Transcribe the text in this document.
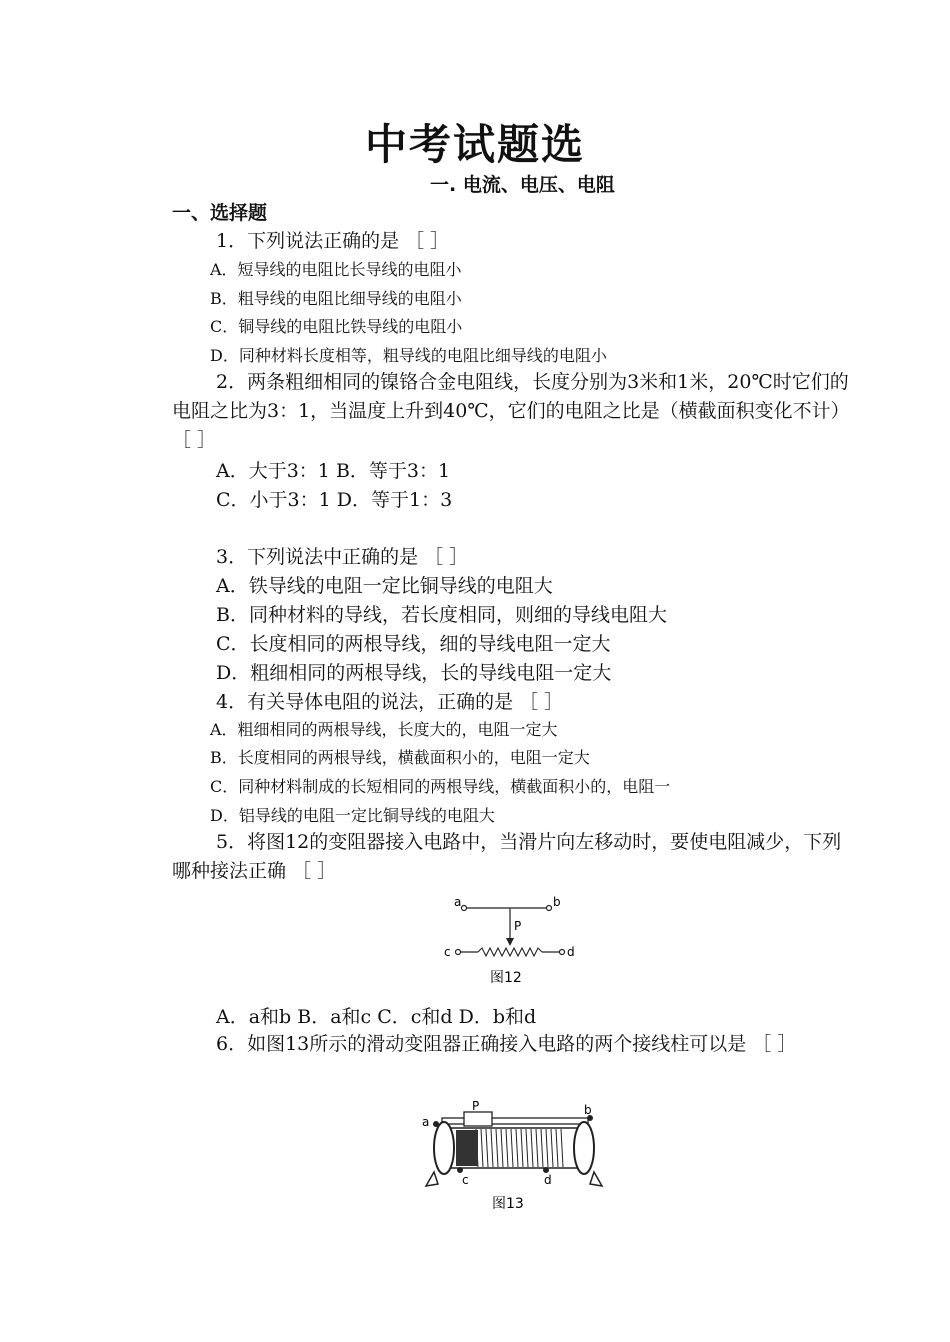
中考试题选
一. 电流、电压、电阻
一、选择题
1．下列说法正确的是 ［ ］
A．短导线的电阻比长导线的电阻小
B．粗导线的电阻比细导线的电阻小
C．铜导线的电阻比铁导线的电阻小
D．同种材料长度相等，粗导线的电阻比细导线的电阻小
2．两条粗细相同的镍铬合金电阻线，长度分别为3米和1米，20℃时它们的电阻之比为3：1，当温度上升到40℃，它们的电阻之比是（横截面积变化不计） ［ ］
A．大于3：1 B．等于3：1
C．小于3：1 D．等于1：3
3．下列说法中正确的是 ［ ］
A．铁导线的电阻一定比铜导线的电阻大
B．同种材料的导线，若长度相同，则细的导线电阻大
C．长度相同的两根导线，细的导线电阻一定大
D．粗细相同的两根导线，长的导线电阻一定大
4．有关导体电阻的说法，正确的是 ［ ］
A．粗细相同的两根导线，长度大的，电阻一定大
B．长度相同的两根导线，横截面积小的，电阻一定大
C．同种材料制成的长短相同的两根导线，横截面积小的，电阻一
D．铝导线的电阻一定比铜导线的电阻大
5．将图12的变阻器接入电路中，当滑片向左移动时，要使电阻减少，下列哪种接法正确 ［ ］
a	b
P
c	d
图12
A．a和b B．a和c C．c和d D．b和d
6．如图13所示的滑动变阻器正确接入电路的两个接线柱可以是 ［ ］
P
a
b
c	d
图13
